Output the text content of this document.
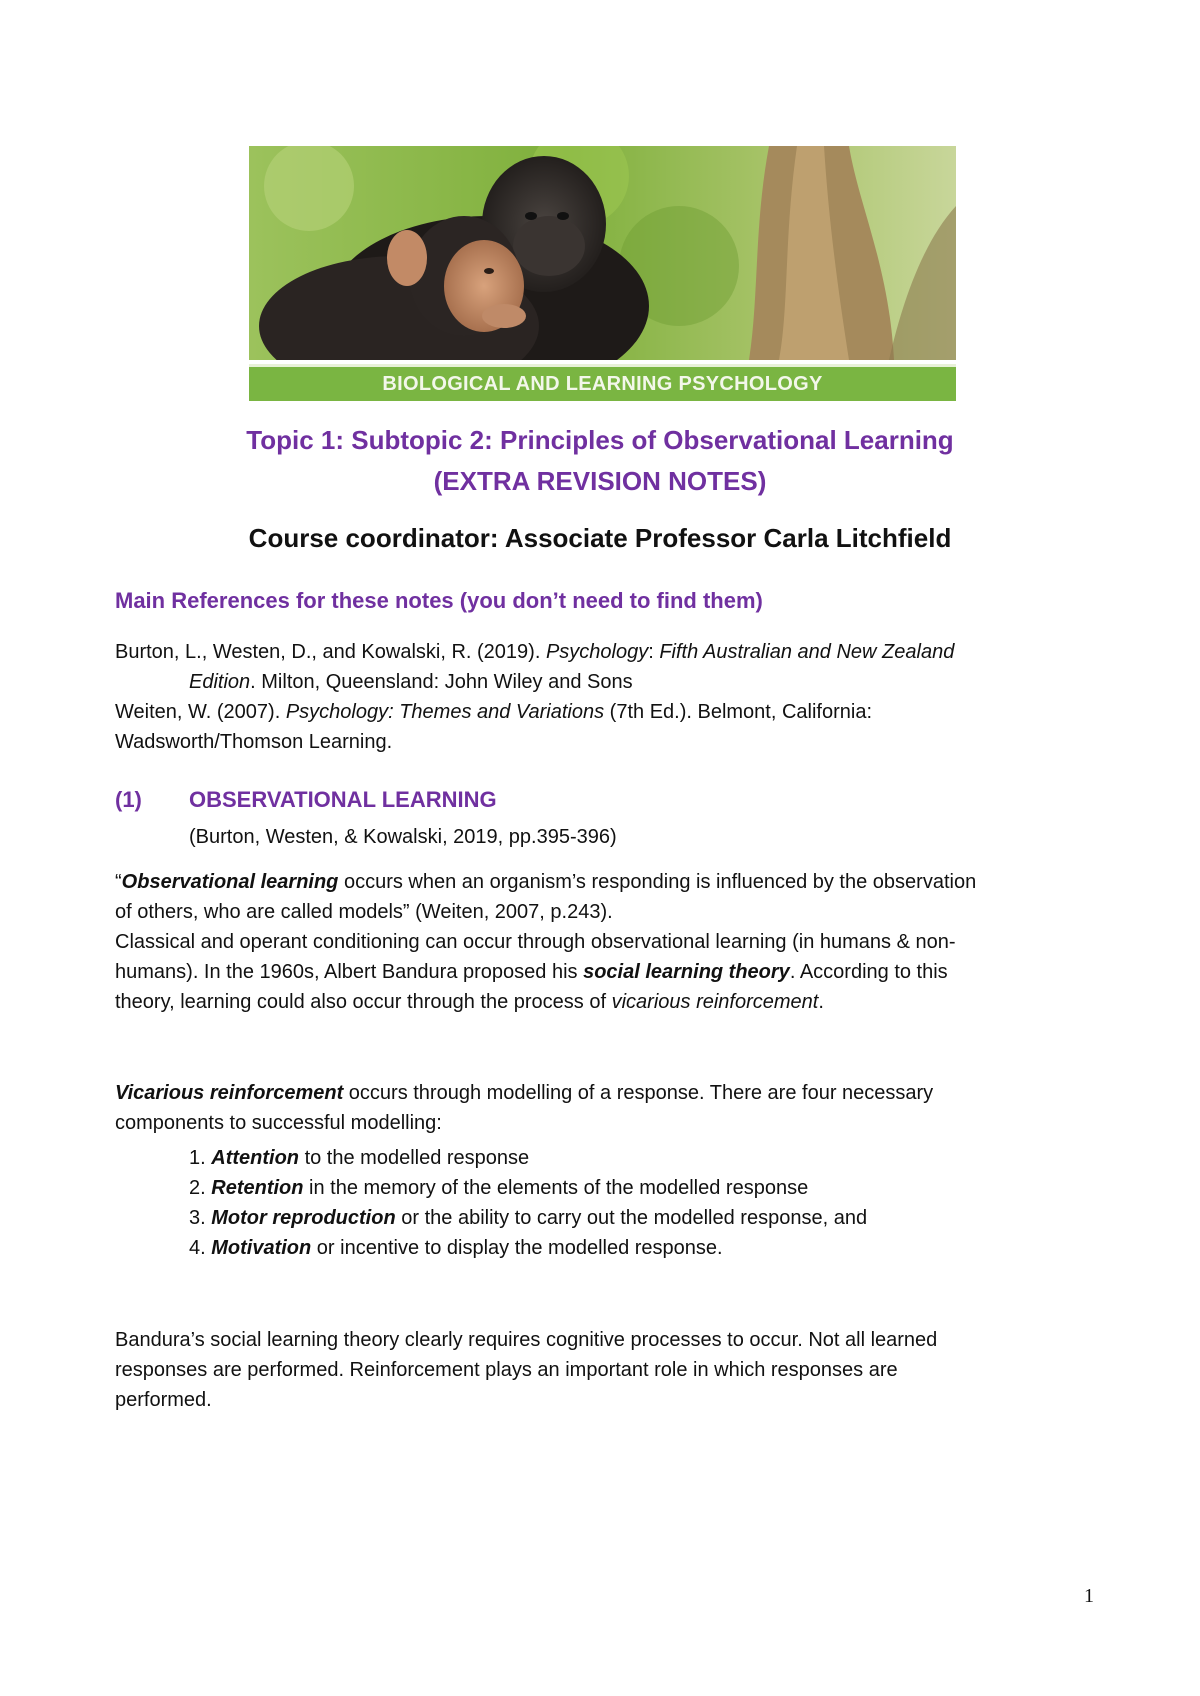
BIOLOGICAL AND LEARNING PSYCHOLOGY
Topic 1: Subtopic 2: Principles of Observational Learning
(EXTRA REVISION NOTES)
Course coordinator: Associate Professor Carla Litchfield
Main References for these notes (you don’t need to find them)
Burton, L., Westen, D., and Kowalski, R. (2019). Psychology: Fifth Australian and New Zealand
Edition. Milton, Queensland: John Wiley and Sons
Weiten, W. (2007). Psychology: Themes and Variations (7th Ed.). Belmont, California:
Wadsworth/Thomson Learning.
(1) OBSERVATIONAL LEARNING
(Burton, Westen, & Kowalski, 2019, pp.395-396)
“Observational learning occurs when an organism’s responding is influenced by the observation
of others, who are called models” (Weiten, 2007, p.243).
Classical and operant conditioning can occur through observational learning (in humans & non-
humans). In the 1960s, Albert Bandura proposed his social learning theory. According to this
theory, learning could also occur through the process of vicarious reinforcement.
Vicarious reinforcement occurs through modelling of a response. There are four necessary
components to successful modelling:
1. Attention to the modelled response
2. Retention in the memory of the elements of the modelled response
3. Motor reproduction or the ability to carry out the modelled response, and
4. Motivation or incentive to display the modelled response.
Bandura’s social learning theory clearly requires cognitive processes to occur. Not all learned
responses are performed. Reinforcement plays an important role in which responses are
performed.
1
